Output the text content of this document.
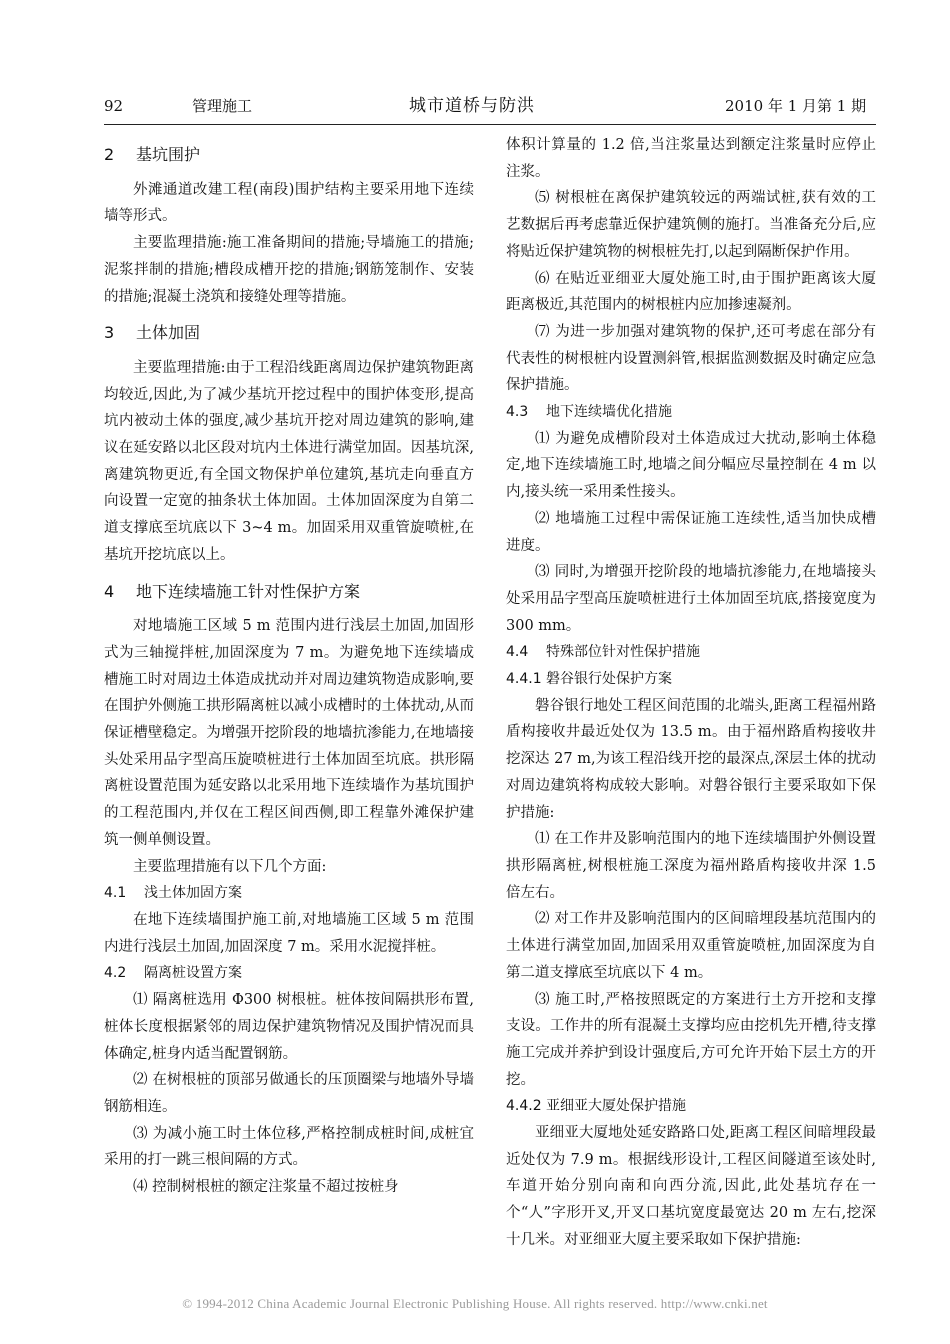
92	管理施工	城市道桥与防洪	2010 年 1 月第 1 期
2 基坑围护

外滩通道改建工程(南段)围护结构主要采用地下连续墙等形式。

主要监理措施:施工准备期间的措施;导墙施工的措施;泥浆拌制的措施;槽段成槽开挖的措施;钢筋笼制作、安装的措施;混凝土浇筑和接缝处理等措施。

3 土体加固

主要监理措施:由于工程沿线距离周边保护建筑物距离均较近,因此,为了减少基坑开挖过程中的围护体变形,提高坑内被动土体的强度,减少基坑开挖对周边建筑的影响,建议在延安路以北区段对坑内土体进行满堂加固。因基坑深,离建筑物更近,有全国文物保护单位建筑,基坑走向垂直方向设置一定宽的抽条状土体加固。土体加固深度为自第二道支撑底至坑底以下 3~4 m。加固采用双重管旋喷桩,在基坑开挖坑底以上。

4 地下连续墙施工针对性保护方案

对地墙施工区域 5 m 范围内进行浅层土加固,加固形式为三轴搅拌桩,加固深度为 7 m。为避免地下连续墙成槽施工时对周边土体造成扰动并对周边建筑物造成影响,要在围护外侧施工拱形隔离桩以减小成槽时的土体扰动,从而保证槽壁稳定。为增强开挖阶段的地墙抗渗能力,在地墙接头处采用品字型高压旋喷桩进行土体加固至坑底。拱形隔离桩设置范围为延安路以北采用地下连续墙作为基坑围护的工程范围内,并仅在工程区间西侧,即工程靠外滩保护建筑一侧单侧设置。

主要监理措施有以下几个方面:

4.1 浅土体加固方案

在地下连续墙围护施工前,对地墙施工区域 5 m 范围内进行浅层土加固,加固深度 7 m。采用水泥搅拌桩。

4.2 隔离桩设置方案

⑴ 隔离桩选用 Φ300 树根桩。桩体按间隔拱形布置,桩体长度根据紧邻的周边保护建筑物情况及围护情况而具体确定,桩身内适当配置钢筋。

⑵ 在树根桩的顶部另做通长的压顶圈梁与地墙外导墙钢筋相连。

⑶ 为减小施工时土体位移,严格控制成桩时间,成桩宜采用的打一跳三根间隔的方式。

⑷ 控制树根桩的额定注浆量不超过按桩身

体积计算量的 1.2 倍,当注浆量达到额定注浆量时应停止注浆。

⑸ 树根桩在离保护建筑较远的两端试桩,获有效的工艺数据后再考虑靠近保护建筑侧的施打。当准备充分后,应将贴近保护建筑物的树根桩先打,以起到隔断保护作用。

⑹ 在贴近亚细亚大厦处施工时,由于围护距离该大厦距离极近,其范围内的树根桩内应加掺速凝剂。

⑺ 为进一步加强对建筑物的保护,还可考虑在部分有代表性的树根桩内设置测斜管,根据监测数据及时确定应急保护措施。

4.3 地下连续墙优化措施

⑴ 为避免成槽阶段对土体造成过大扰动,影响土体稳定,地下连续墙施工时,地墙之间分幅应尽量控制在 4 m 以内,接头统一采用柔性接头。

⑵ 地墙施工过程中需保证施工连续性,适当加快成槽进度。

⑶ 同时,为增强开挖阶段的地墙抗渗能力,在地墙接头处采用品字型高压旋喷桩进行土体加固至坑底,搭接宽度为 300 mm。

4.4 特殊部位针对性保护措施
4.4.1 磐谷银行处保护方案

磐谷银行地处工程区间范围的北端头,距离工程福州路盾构接收井最近处仅为 13.5 m。由于福州路盾构接收井挖深达 27 m,为该工程沿线开挖的最深点,深层土体的扰动对周边建筑将构成较大影响。对磐谷银行主要采取如下保护措施:

⑴ 在工作井及影响范围内的地下连续墙围护外侧设置拱形隔离桩,树根桩施工深度为福州路盾构接收井深 1.5 倍左右。

⑵ 对工作井及影响范围内的区间暗埋段基坑范围内的土体进行满堂加固,加固采用双重管旋喷桩,加固深度为自第二道支撑底至坑底以下 4 m。

⑶ 施工时,严格按照既定的方案进行土方开挖和支撑支设。工作井的所有混凝土支撑均应由挖机先开槽,待支撑施工完成并养护到设计强度后,方可允许开始下层土方的开挖。

4.4.2 亚细亚大厦处保护措施

亚细亚大厦地处延安路路口处,距离工程区间暗埋段最近处仅为 7.9 m。根据线形设计,工程区间隧道至该处时,车道开始分别向南和向西分流,因此,此处基坑存在一个“人”字形开叉,开叉口基坑宽度最宽达 20 m 左右,挖深十几米。对亚细亚大厦主要采取如下保护措施:

© 1994-2012 China Academic Journal Electronic Publishing House. All rights reserved. http://www.cnki.net
